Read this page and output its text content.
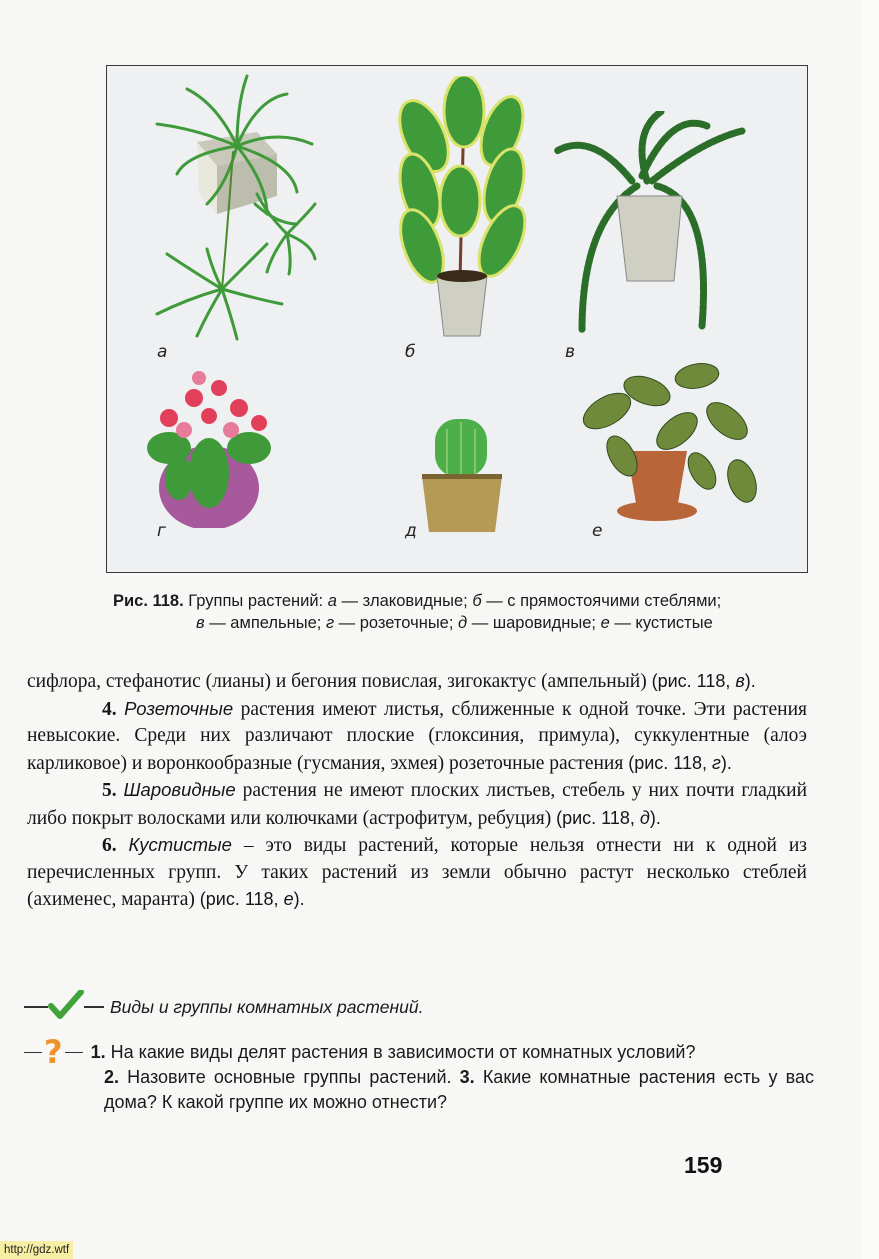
а	б	в
г	д	е
Рис. 118. Группы растений: а — злаковидные; б — с прямостоячими стеблями;
в — ампельные; г — розеточные; д — шаровидные; е — кустистые

сифлора, стефанотис (лианы) и бегония повислая, зигокактус (ампельный) (рис. 118, в).

4. Розеточные растения имеют листья, сближенные к одной точке. Эти растения невысокие. Среди них различают плоские (глоксиния, примула), суккулентные (алоэ карликовое) и воронкообразные (гусмания, эхмея) розеточные растения (рис. 118, г).

5. Шаровидные растения не имеют плоских листьев, стебель у них почти гладкий либо покрыт волосками или колючками (астрофитум, ребуция) (рис. 118, д).

6. Кустистые – это виды растений, которые нельзя отнести ни к одной из перечисленных групп. У таких растений из земли обычно растут несколько стеблей (ахименес, маранта) (рис. 118, е).

Виды и группы комнатных растений.
? 1. На какие виды делят растения в зависимости от комнатных условий?
2. Назовите основные группы растений. 3. Какие комнатные растения есть у вас дома? К какой группе их можно отнести?
159
http://gdz.wtf
